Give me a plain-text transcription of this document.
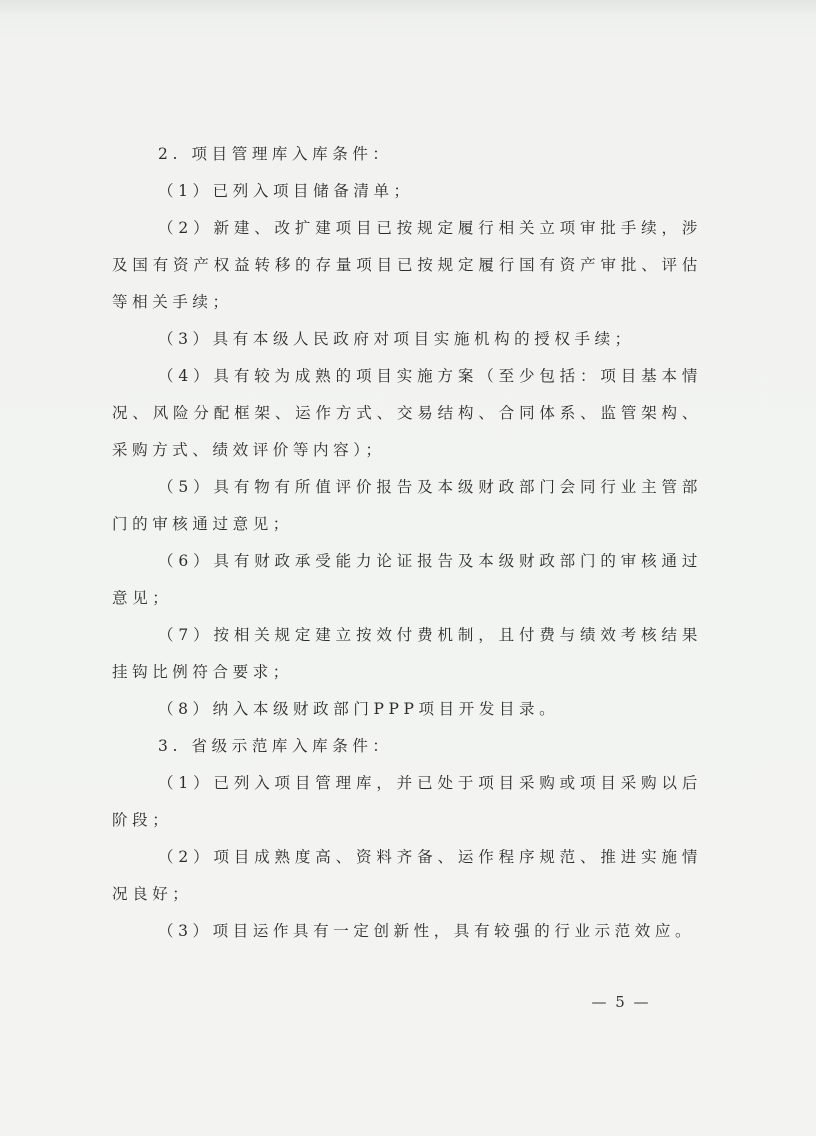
2. 项目管理库入库条件：

（1）已列入项目储备清单；

（2）新建、改扩建项目已按规定履行相关立项审批手续，涉及国有资产权益转移的存量项目已按规定履行国有资产审批、评估等相关手续；

（3）具有本级人民政府对项目实施机构的授权手续；

（4）具有较为成熟的项目实施方案（至少包括：项目基本情况、风险分配框架、运作方式、交易结构、合同体系、监管架构、采购方式、绩效评价等内容）；

（5）具有物有所值评价报告及本级财政部门会同行业主管部门的审核通过意见；

（6）具有财政承受能力论证报告及本级财政部门的审核通过意见；

（7）按相关规定建立按效付费机制，且付费与绩效考核结果挂钩比例符合要求；

（8）纳入本级财政部门PPP项目开发目录。

3. 省级示范库入库条件：

（1）已列入项目管理库，并已处于项目采购或项目采购以后阶段；

（2）项目成熟度高、资料齐备、运作程序规范、推进实施情况良好；

（3）项目运作具有一定创新性，具有较强的行业示范效应。

— 5 —
